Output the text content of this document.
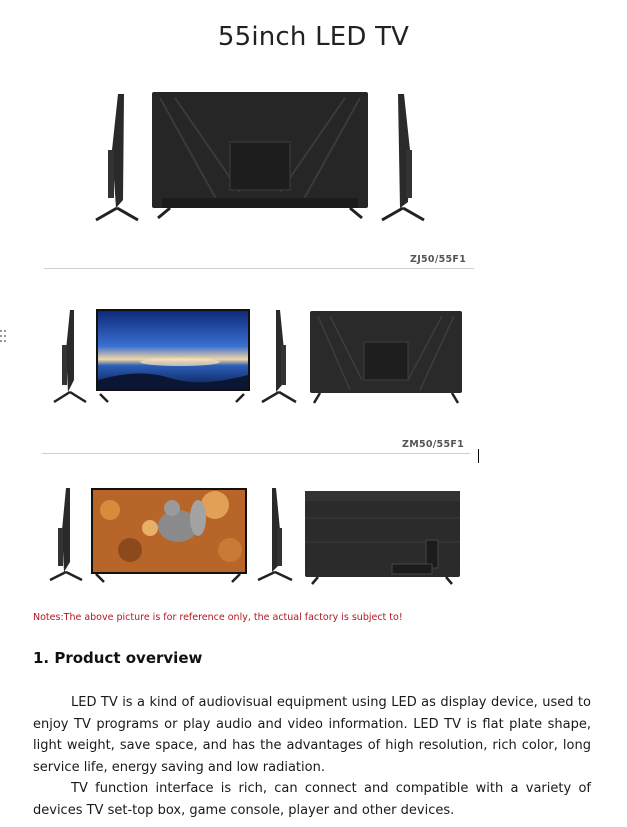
55inch LED TV
ZJ50/55F1
ZM50/55F1
Notes:The above picture is for reference only, the actual factory is subject to!
1. Product overview
LED TV is a kind of audiovisual equipment using LED as display device, used to enjoy TV programs or play audio and video information. LED TV is flat plate shape, light weight, save space, and has the advantages of high resolution, rich color, long service life, energy saving and low radiation.
TV function interface is rich, can connect and compatible with a variety of devices TV set-top box, game console, player and other devices.
